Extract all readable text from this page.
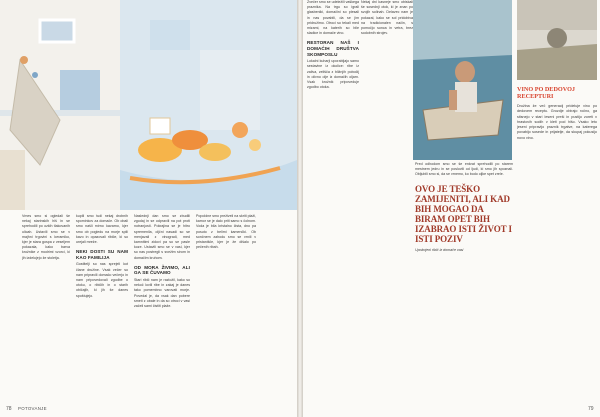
Vmes smo si ogledali še nekaj starinskih hiš in se sprehodili po ozkih tlakovanih ulicah. Ustavili smo se v majhni trgovini s keramiko, kjer je stara gospa z veseljem pokazala, kako barva krožnike z modrimi vzorci, ki jih izdelujejo že stoletja.

kupili smo tudi nekaj drobnih spominkov za domače. Ob obali smo našli mirno kavarno, kjer smo ob pogledu na morje spili kavo in opazovali ribiče, ki so urejali mreže.

NEKI DOSTI SU NAM KAO FAMILIJA

Gostitelji so nas sprejeli kot člane družine. Vsak večer so nam pripravili domačo večerjo in nam pripovedovali zgodbe o otoku, o ribičih in o starih običajih, ki jih še danes spoštujejo.

Naslednji dan smo se zbudili zgodaj in se odpravili na pot proti notranjosti. Pokrajina se je hitro spremenila, oljčni nasadi so se menjavali z vinogradi, med kamnitimi zidovi pa so se pasle koze. Ustavili smo se v vasi, kjer so nas postregli s svežim sirom in domačim kruhom.

OD MORA ŽIVIMO, ALI GA SE ČUVAMO

Stari ribič nam je razložil, kako so nekoč lovili ribe in zakaj je danes tako pomembno varovati morje. Povedal je, da vsak dan pobere smeti z obale in da so otroci v vasi začeli sami čistiti plaže.

Popoldne smo preživeli na skriti plaži, kamor se je dalo priti samo s čolnom. Voda je bila kristalno čista, dno pa posuto z belimi kamenčki. Ob sončnem zahodu smo se vrnili v pristanišče, kjer je že dišalo po pečenih ribah.

78 POTOVANJE

Zvečer smo se udeležili vaškega praznika. Na trgu so igrali glasbeniki, domačini so plesali in nas povabili, da se jim pridružimo. Otroci so tekali med mizami, na katerih so bile sladice in domače vino.

RESTORAN NAŠ I DOMAĆIH DRUŠTVA SKOMPOSLU

Lokalni kuharji uporabljajo samo sestavine iz okolice: ribe iz zaliva, zelišča z bližnjih pobočij in olivno olje iz domačih oljarn. Vsak krožnik pripoveduje zgodbo otoka.

Nekaj dni kasneje smo obiskali še sosednji otok, ki je znan po svojih solinah. Delavec nam je pokazal, kako se sol pridobiva na tradicionalen način, s pomočjo sonca in vetra, brez sodobnih strojev.

Pred odhodom smo se še enkrat sprehodili po starem mestnem jedru in se poslovili od ljudi, ki smo jih spoznali. Obljubili smo si, da se vrnemo, ko bodo oljke spet zrele.

OVO JE TEŠKO ZAMIJENITI, ALI KAD BIH MOGAO DA BIRAM OPET BIH IZABRAO ISTI ŽIVOT I ISTI POZIV

Upokojeni ribič iz domače vasi

VINO PO DEDOVOJ RECEPTURI

Družina že več generacij prideluje vino po dedovem receptu. Grozdje obirajo ročno, ga stisnejo v stari leseni preši in pustijo zoreti v hrastovih sodih v kleti pod hišo. Vsako leto jeseni pripravijo praznik trgatve, na katerega povabijo sosede in prijatelje, da skupaj pokusijo novo vino.

79
